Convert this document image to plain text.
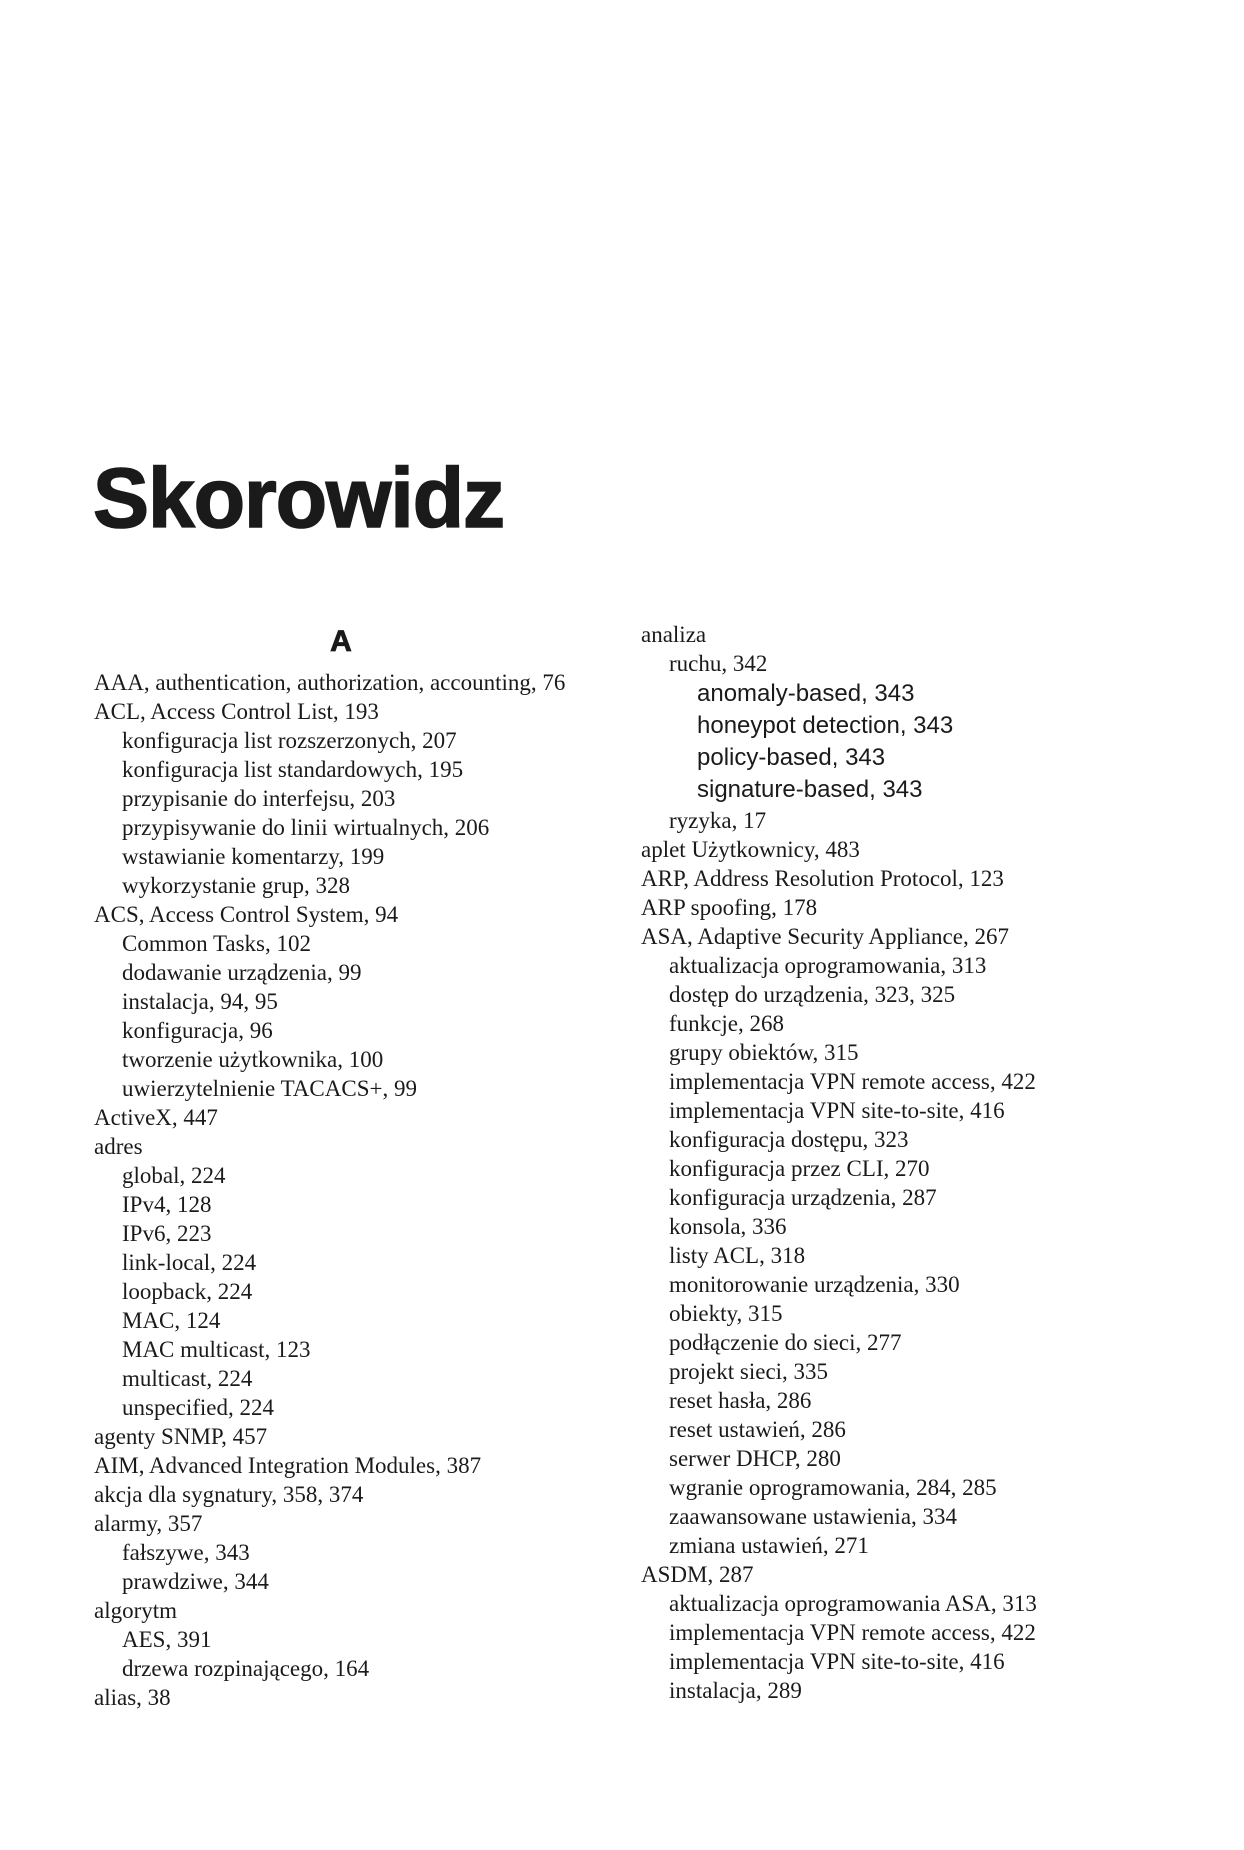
Skorowidz
A
AAA, authentication, authorization, accounting, 76
ACL, Access Control List, 193
konfiguracja list rozszerzonych, 207
konfiguracja list standardowych, 195
przypisanie do interfejsu, 203
przypisywanie do linii wirtualnych, 206
wstawianie komentarzy, 199
wykorzystanie grup, 328
ACS, Access Control System, 94
Common Tasks, 102
dodawanie urządzenia, 99
instalacja, 94, 95
konfiguracja, 96
tworzenie użytkownika, 100
uwierzytelnienie TACACS+, 99
ActiveX, 447
adres
global, 224
IPv4, 128
IPv6, 223
link-local, 224
loopback, 224
MAC, 124
MAC multicast, 123
multicast, 224
unspecified, 224
agenty SNMP, 457
AIM, Advanced Integration Modules, 387
akcja dla sygnatury, 358, 374
alarmy, 357
fałszywe, 343
prawdziwe, 344
algorytm
AES, 391
drzewa rozpinającego, 164
alias, 38
analiza
ruchu, 342
anomaly-based, 343
honeypot detection, 343
policy-based, 343
signature-based, 343
ryzyka, 17
aplet Użytkownicy, 483
ARP, Address Resolution Protocol, 123
ARP spoofing, 178
ASA, Adaptive Security Appliance, 267
aktualizacja oprogramowania, 313
dostęp do urządzenia, 323, 325
funkcje, 268
grupy obiektów, 315
implementacja VPN remote access, 422
implementacja VPN site-to-site, 416
konfiguracja dostępu, 323
konfiguracja przez CLI, 270
konfiguracja urządzenia, 287
konsola, 336
listy ACL, 318
monitorowanie urządzenia, 330
obiekty, 315
podłączenie do sieci, 277
projekt sieci, 335
reset hasła, 286
reset ustawień, 286
serwer DHCP, 280
wgranie oprogramowania, 284, 285
zaawansowane ustawienia, 334
zmiana ustawień, 271
ASDM, 287
aktualizacja oprogramowania ASA, 313
implementacja VPN remote access, 422
implementacja VPN site-to-site, 416
instalacja, 289
